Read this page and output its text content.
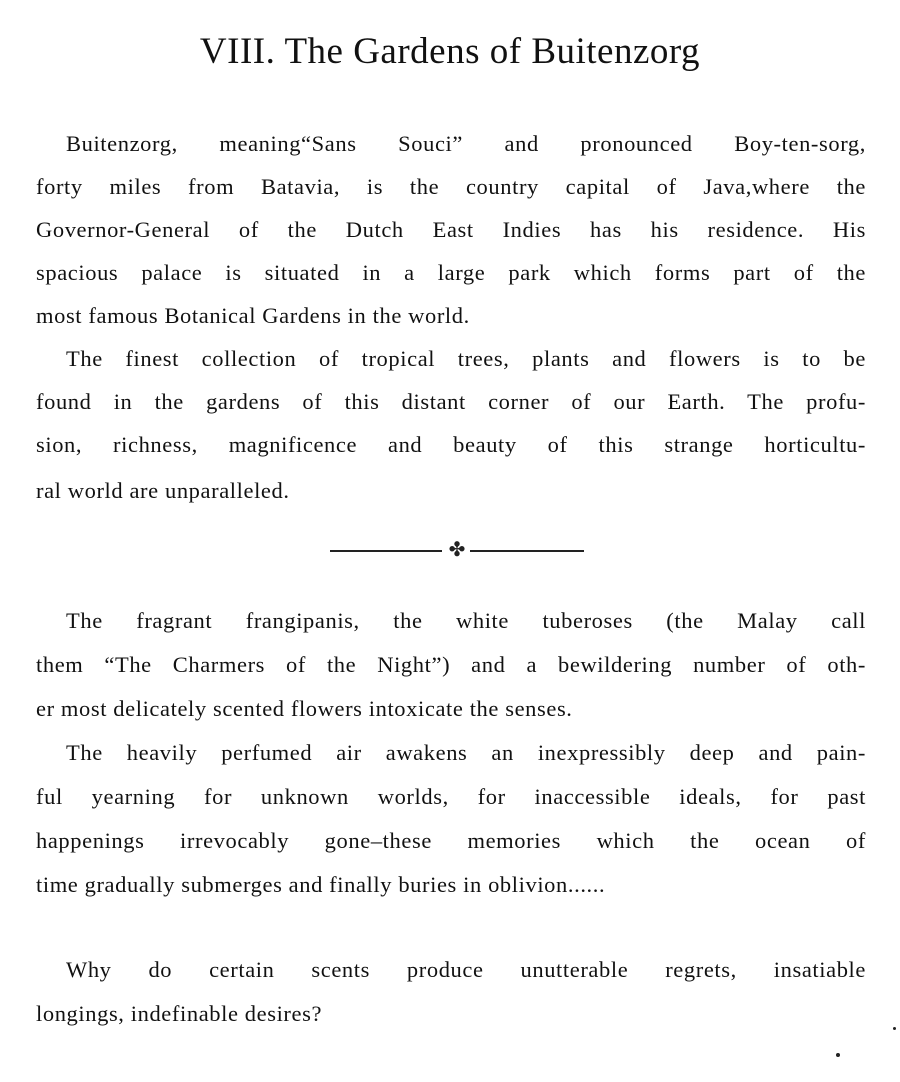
VIII. The Gardens of Buitenzorg
Buitenzorg, meaning“Sans Souci” and pronounced Boy-ten-sorg,
forty miles from Batavia, is the country capital of Java,where the
Governor-General of the Dutch East Indies has his residence. His
spacious palace is situated in a large park which forms part of the
most famous Botanical Gardens in the world.
The finest collection of tropical trees, plants and flowers is to be
found in the gardens of this distant corner of our Earth. The profu-
sion, richness, magnificence and beauty of this strange horticultu-
ral world are unparalleled.
✤
The fragrant frangipanis, the white tuberoses (the Malay call
them “The Charmers of the Night”) and a bewildering number of oth-
er most delicately scented flowers intoxicate the senses.
The heavily perfumed air awakens an inexpressibly deep and pain-
ful yearning for unknown worlds, for inaccessible ideals, for past
happenings irrevocably gone–these memories which the ocean of
time gradually submerges and finally buries in oblivion......
Why do certain scents produce unutterable regrets, insatiable
longings, indefinable desires?
